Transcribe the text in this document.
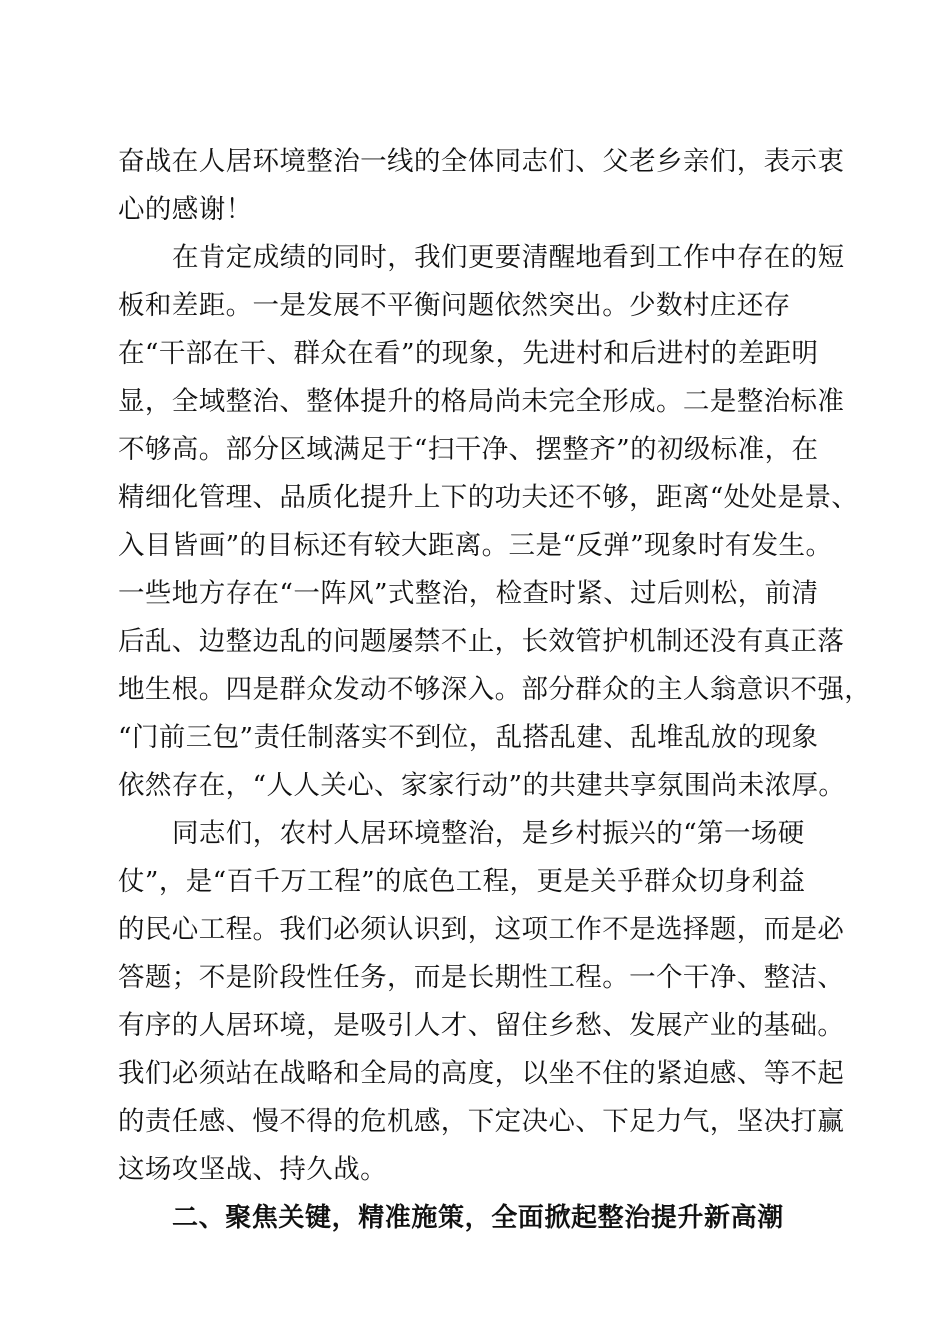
奋战在人居环境整治一线的全体同志们、父老乡亲们，表示衷
心的感谢！
在肯定成绩的同时，我们更要清醒地看到工作中存在的短
板和差距。一是发展不平衡问题依然突出。少数村庄还存
在“干部在干、群众在看”的现象，先进村和后进村的差距明
显，全域整治、整体提升的格局尚未完全形成。二是整治标准
不够高。部分区域满足于“扫干净、摆整齐”的初级标准，在
精细化管理、品质化提升上下的功夫还不够，距离“处处是景、
入目皆画”的目标还有较大距离。三是“反弹”现象时有发生。
一些地方存在“一阵风”式整治，检查时紧、过后则松，前清
后乱、边整边乱的问题屡禁不止，长效管护机制还没有真正落
地生根。四是群众发动不够深入。部分群众的主人翁意识不强，
“门前三包”责任制落实不到位，乱搭乱建、乱堆乱放的现象
依然存在，“人人关心、家家行动”的共建共享氛围尚未浓厚。
同志们，农村人居环境整治，是乡村振兴的“第一场硬
仗”，是“百千万工程”的底色工程，更是关乎群众切身利益
的民心工程。我们必须认识到，这项工作不是选择题，而是必
答题；不是阶段性任务，而是长期性工程。一个干净、整洁、
有序的人居环境，是吸引人才、留住乡愁、发展产业的基础。
我们必须站在战略和全局的高度，以坐不住的紧迫感、等不起
的责任感、慢不得的危机感，下定决心、下足力气，坚决打赢
这场攻坚战、持久战。
二、聚焦关键，精准施策，全面掀起整治提升新高潮
